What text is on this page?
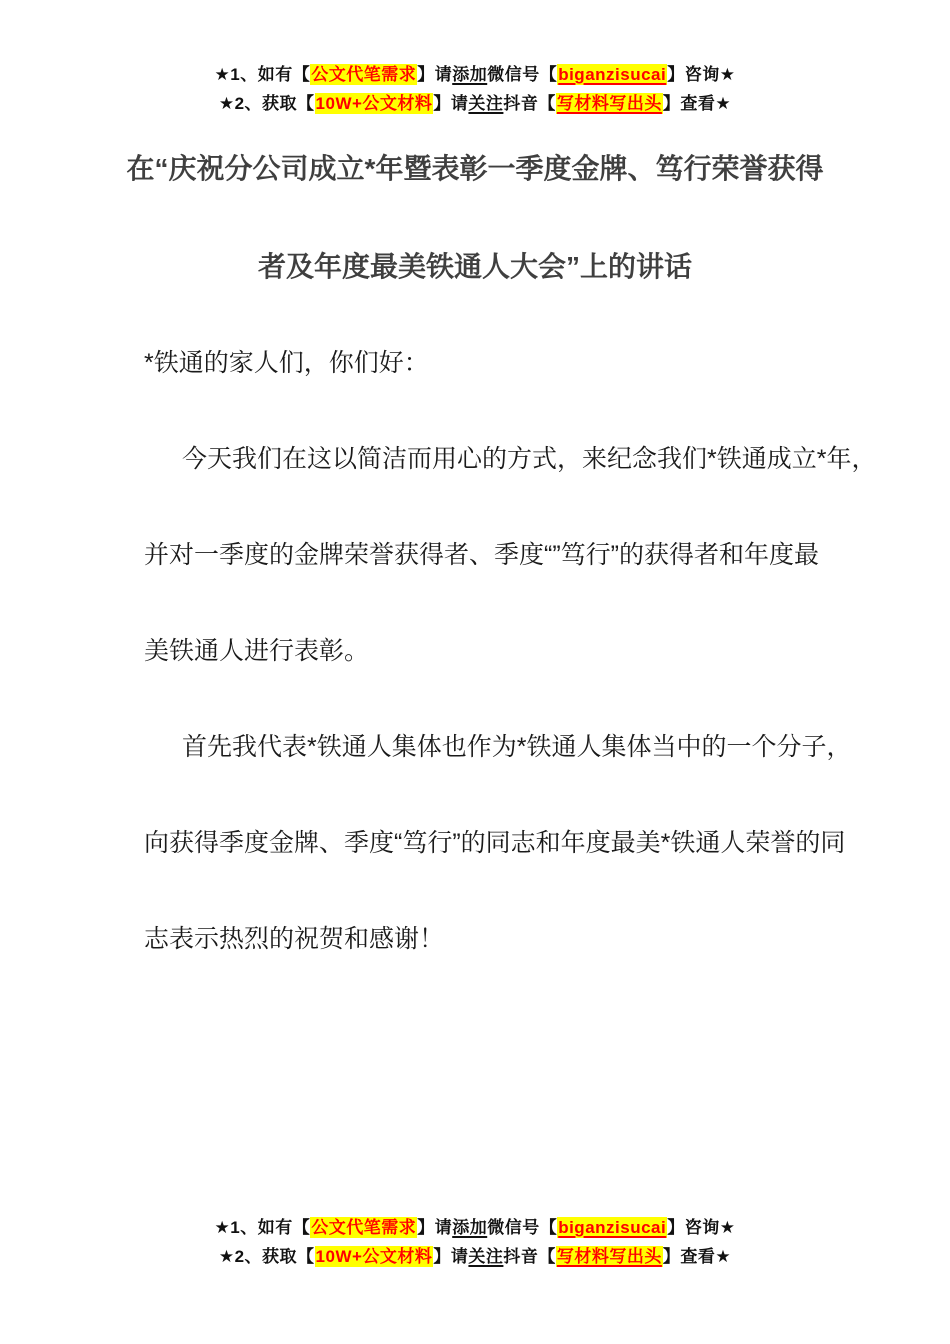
★1、如有【公文代笔需求】请添加微信号【biganzisucai】咨询★
★2、获取【10W+公文材料】请关注抖音【写材料写出头】查看★
在“庆祝分公司成立*年暨表彰一季度金牌、笃行荣誉获得
者及年度最美铁通人大会”上的讲话
*铁通的家人们，你们好：
今天我们在这以简洁而用心的方式，来纪念我们*铁通成立*年，
并对一季度的金牌荣誉获得者、季度“”笃行”的获得者和年度最
美铁通人进行表彰。
首先我代表*铁通人集体也作为*铁通人集体当中的一个分子，
向获得季度金牌、季度“笃行”的同志和年度最美*铁通人荣誉的同
志表示热烈的祝贺和感谢！
★1、如有【公文代笔需求】请添加微信号【biganzisucai】咨询★
★2、获取【10W+公文材料】请关注抖音【写材料写出头】查看★
